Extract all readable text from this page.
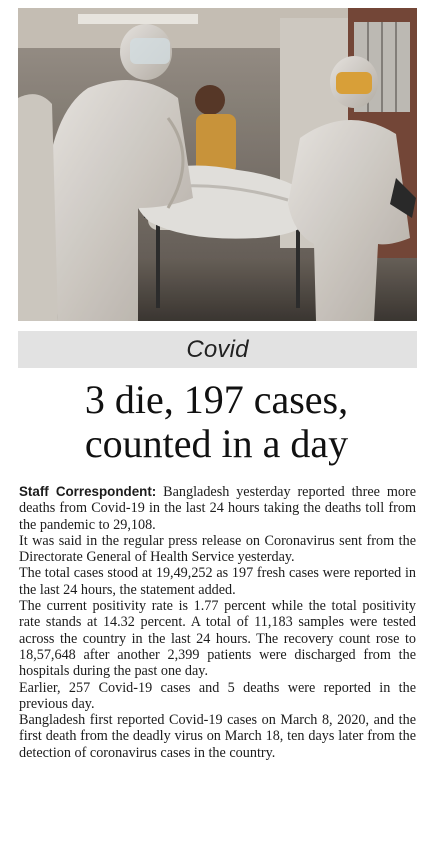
Covid
3 die, 197 cases,
counted in a day

Staff Correspondent: Bangladesh yesterday reported three more deaths from Covid-19 in the last 24 hours taking the deaths toll from the pandemic to 29,108.

It was said in the regular press release on Coronavirus sent from the Directorate General of Health Service yesterday.

The total cases stood at 19,49,252 as 197 fresh cases were reported in the last 24 hours, the statement added.

The current positivity rate is 1.77 percent while the total positivity rate stands at 14.32 percent. A total of 11,183 samples were tested across the country in the last 24 hours. The recovery count rose to 18,57,648 after another 2,399 patients were discharged from the hospitals during the past one day.

Earlier, 257 Covid-19 cases and 5 deaths were reported in the previous day.

Bangladesh first reported Covid-19 cases on March 8, 2020, and the first death from the deadly virus on March 18, ten days later from the detection of coronavirus cases in the country.
